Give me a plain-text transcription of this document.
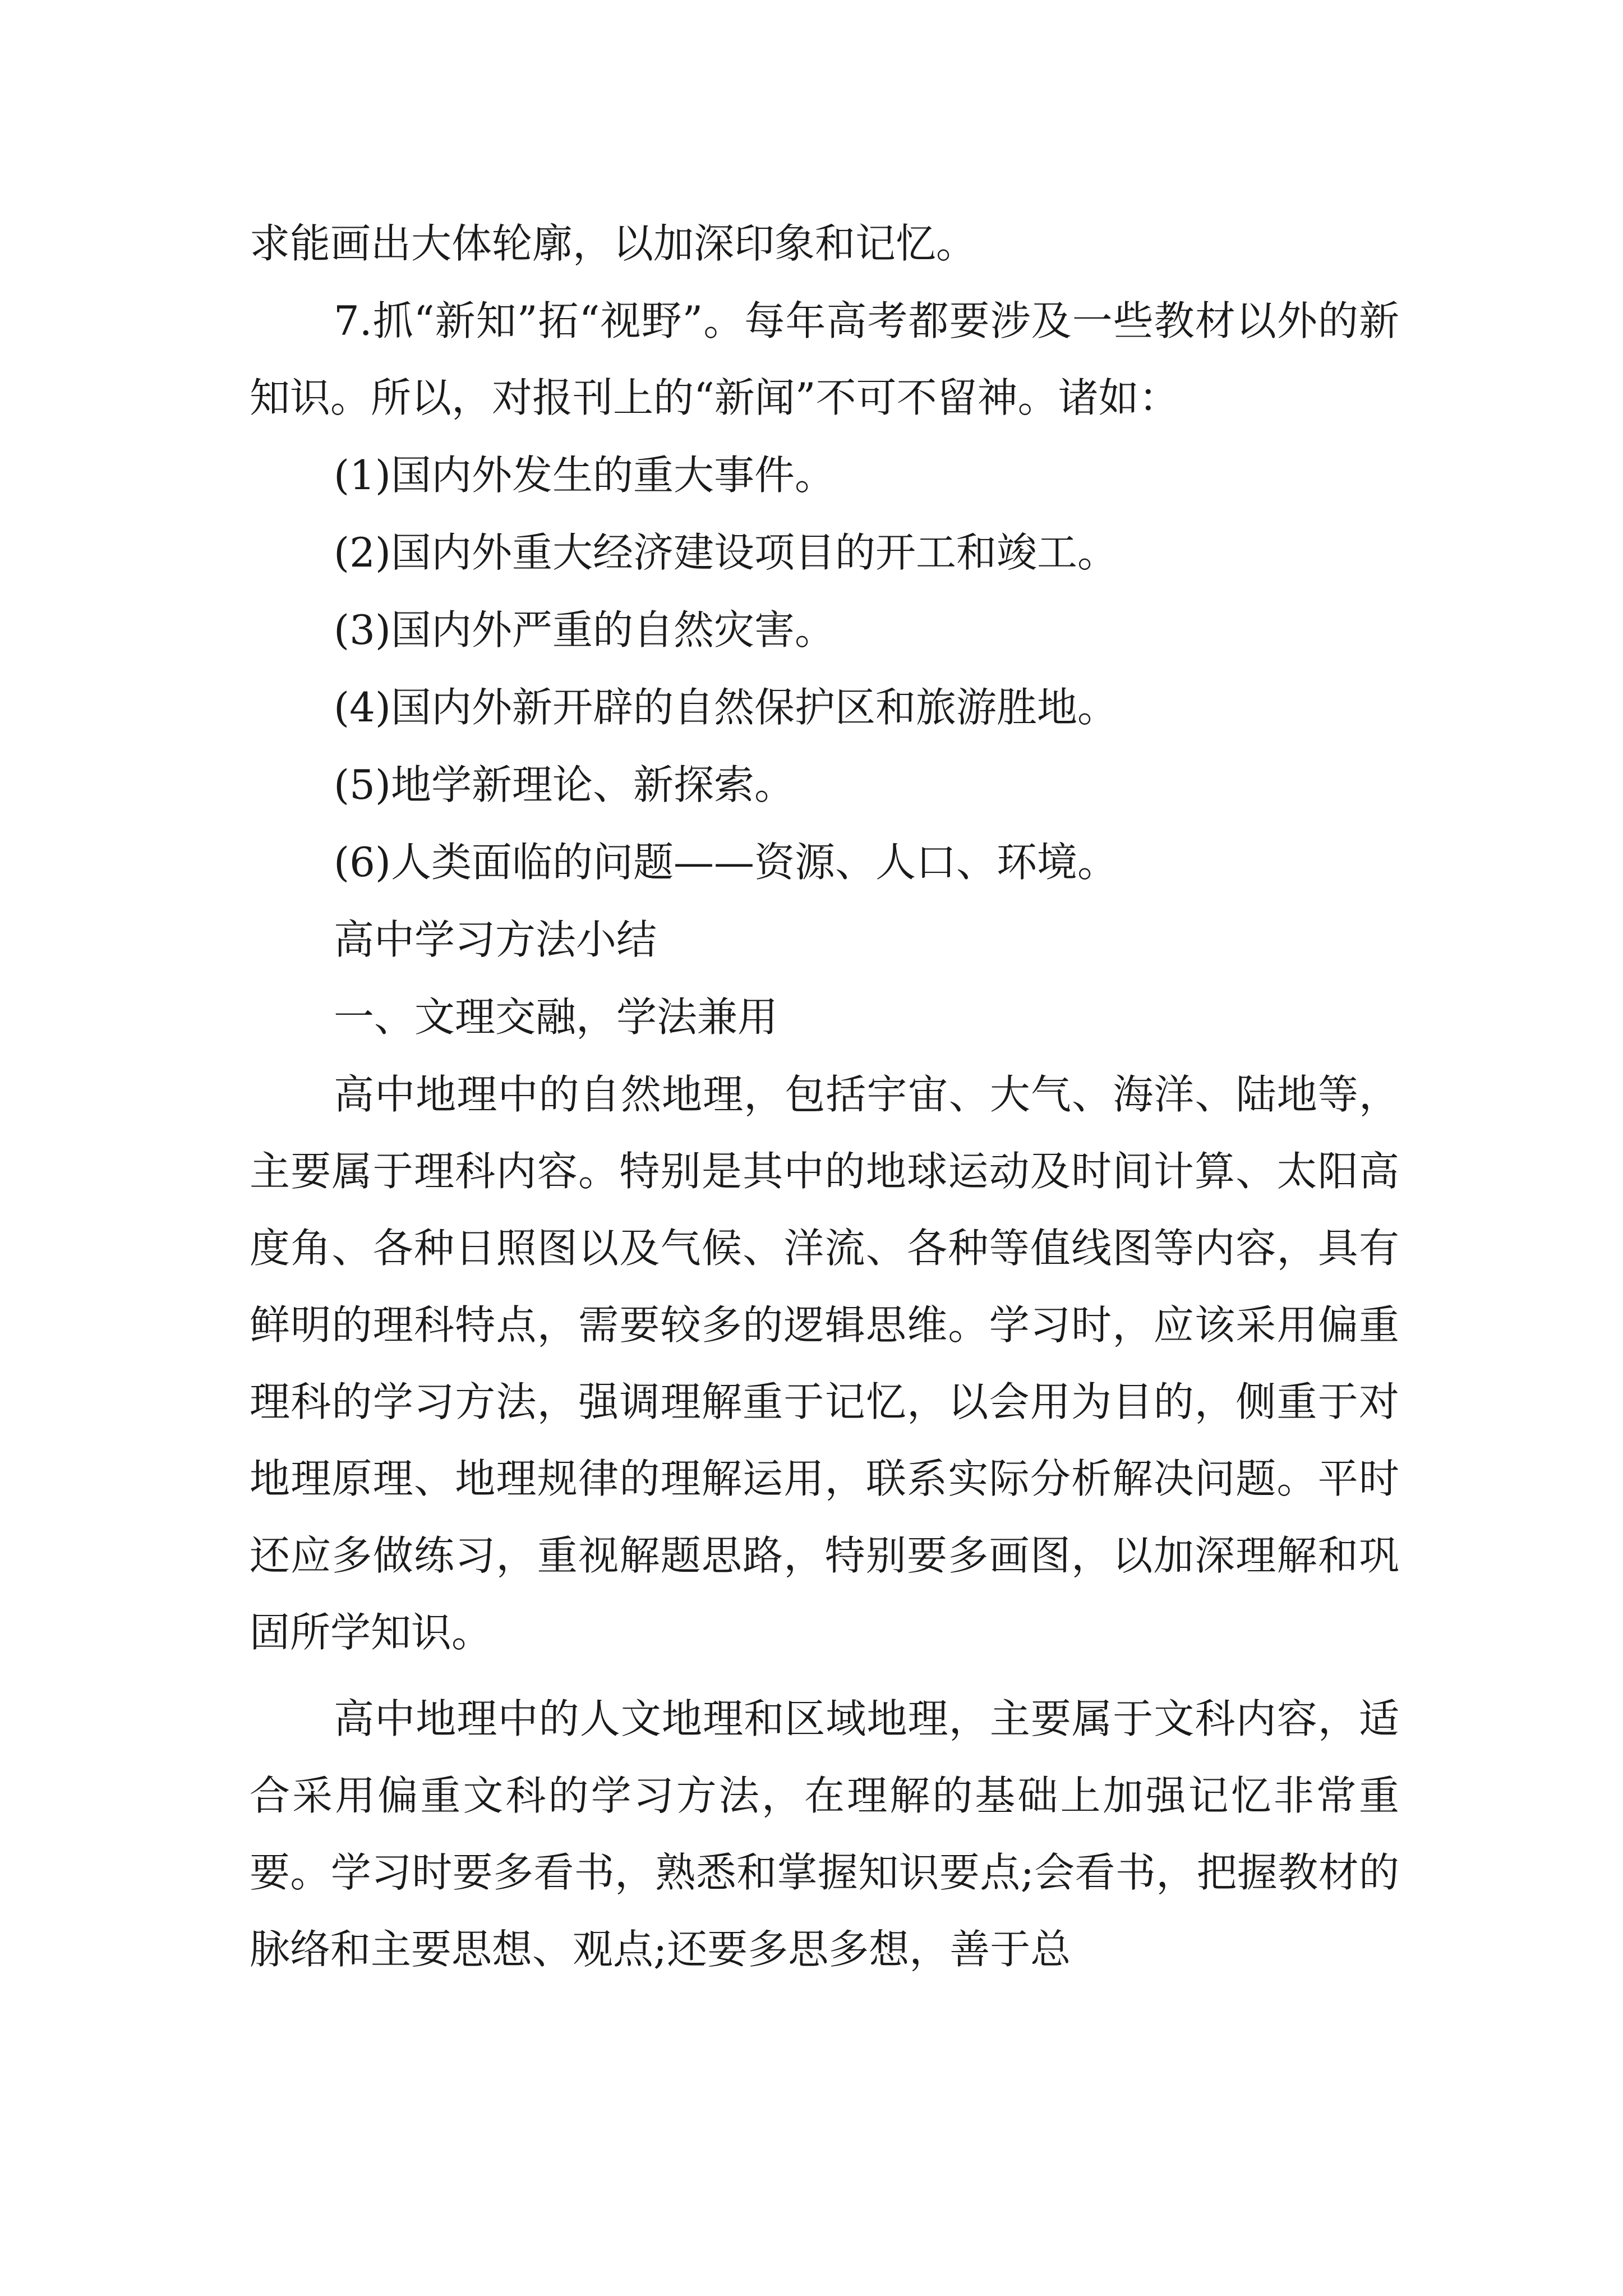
求能画出大体轮廓，以加深印象和记忆。

7.抓“新知”拓“视野”。每年高考都要涉及一些教材以外的新知识。所以，对报刊上的“新闻”不可不留神。诸如：

(1)国内外发生的重大事件。

(2)国内外重大经济建设项目的开工和竣工。

(3)国内外严重的自然灾害。

(4)国内外新开辟的自然保护区和旅游胜地。

(5)地学新理论、新探索。

(6)人类面临的问题——资源、人口、环境。

高中学习方法小结

一、文理交融，学法兼用

高中地理中的自然地理，包括宇宙、大气、海洋、陆地等，主要属于理科内容。特别是其中的地球运动及时间计算、太阳高度角、各种日照图以及气候、洋流、各种等值线图等内容，具有鲜明的理科特点，需要较多的逻辑思维。学习时，应该采用偏重理科的学习方法，强调理解重于记忆，以会用为目的，侧重于对地理原理、地理规律的理解运用，联系实际分析解决问题。平时还应多做练习，重视解题思路，特别要多画图，以加深理解和巩固所学知识。

高中地理中的人文地理和区域地理，主要属于文科内容，适合采用偏重文科的学习方法，在理解的基础上加强记忆非常重要。学习时要多看书，熟悉和掌握知识要点;会看书，把握教材的脉络和主要思想、观点;还要多思多想，善于总
